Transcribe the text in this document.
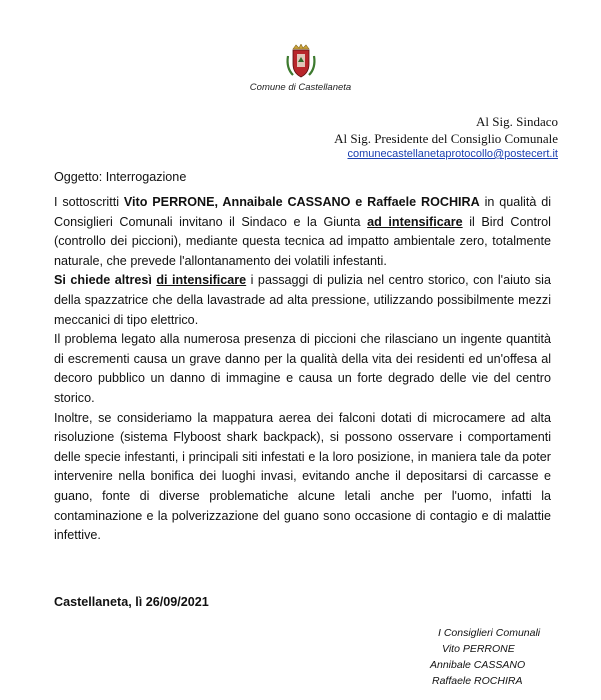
Comune di Castellaneta
Al Sig. Sindaco
Al Sig. Presidente del Consiglio Comunale
comunecastellanetaprotocollo@postecert.it
Oggetto: Interrogazione

I sottoscritti Vito PERRONE, Annaibale CASSANO e Raffaele ROCHIRA in qualità di Consiglieri Comunali invitano il Sindaco e la Giunta ad intensificare il Bird Control (controllo dei piccioni), mediante questa tecnica ad impatto ambientale zero, totalmente naturale, che prevede l'allontanamento dei volatili infestanti.

Si chiede altresì di intensificare i passaggi di pulizia nel centro storico, con l'aiuto sia della spazzatrice che della lavastrade ad alta pressione, utilizzando possibilmente mezzi meccanici di tipo elettrico.

Il problema legato alla numerosa presenza di piccioni che rilasciano un ingente quantità di escrementi causa un grave danno per la qualità della vita dei residenti ed un'offesa al decoro pubblico un danno di immagine e causa un forte degrado delle vie del centro storico.

Inoltre, se consideriamo la mappatura aerea dei falconi dotati di microcamere ad alta risoluzione (sistema Flyboost shark backpack), si possono osservare i comportamenti delle specie infestanti, i principali siti infestati e la loro posizione, in maniera tale da poter intervenire nella bonifica dei luoghi invasi, evitando anche il depositarsi di carcasse e guano, fonte di diverse problematiche alcune letali anche per l'uomo, infatti la contaminazione e la polverizzazione del guano sono occasione di contagio e di malattie infettive.

Castellaneta, lì 26/09/2021
I Consiglieri Comunali
Vito PERRONE
Annibale CASSANO
Raffaele ROCHIRA
